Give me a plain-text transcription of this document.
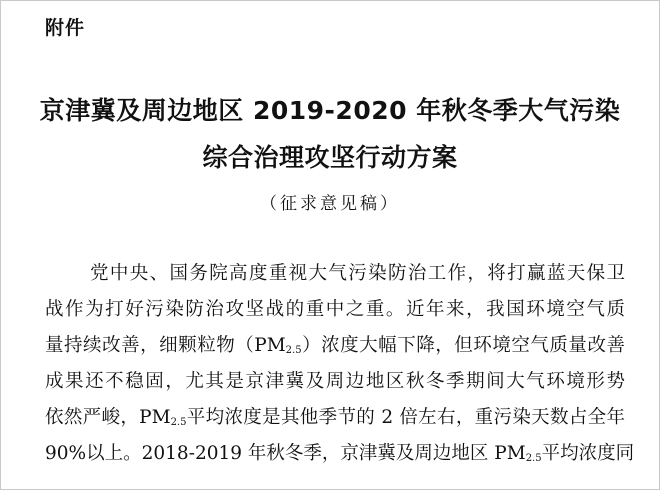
附件
京津冀及周边地区 2019-2020 年秋冬季大气污染
综合治理攻坚行动方案
（征求意见稿）
党中央、国务院高度重视大气污染防治工作，将打赢蓝天保卫
战作为打好污染防治攻坚战的重中之重。近年来，我国环境空气质
量持续改善，细颗粒物$(PM_{2.5})$浓度大幅下降，但环境空气质量改善
成果还不稳固，尤其是京津冀及周边地区秋冬季期间大气环境形势
依然严峻，$PM_{2.5}$平均浓度是其他季节的 2 倍左右，重污染天数占全年
90%以上。2018-2019 年秋冬季，京津冀及周边地区 $PM_{2.5}$平均浓度同
